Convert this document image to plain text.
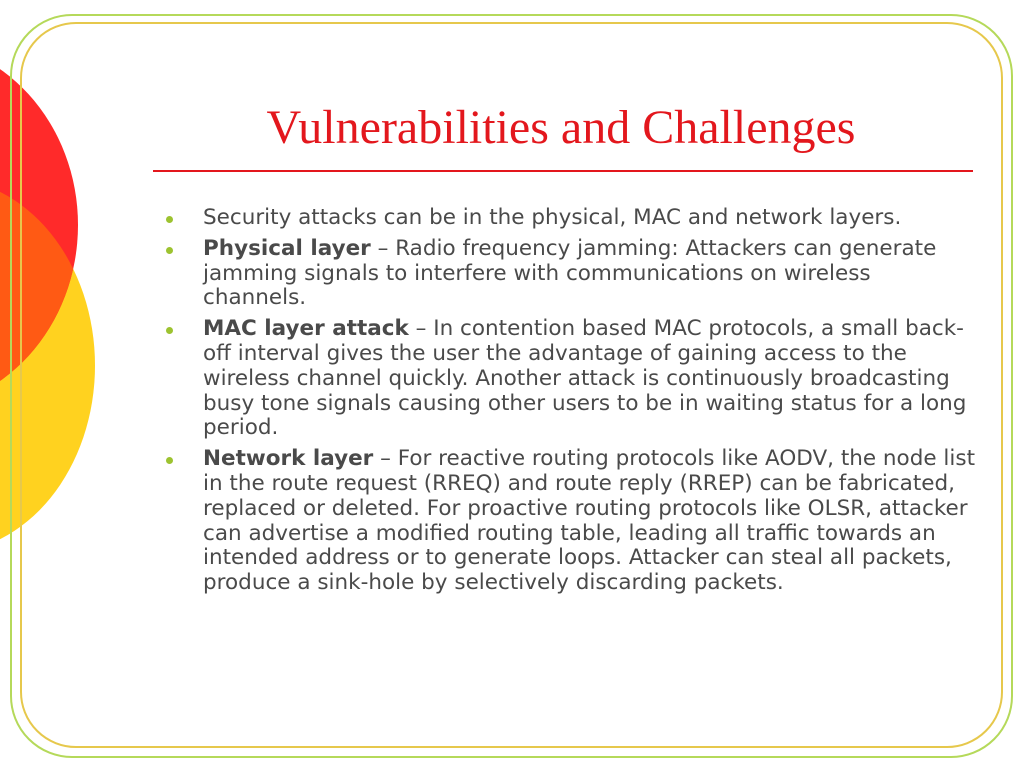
Vulnerabilities and Challenges
Security attacks can be in the physical, MAC and network layers.
Physical layer – Radio frequency jamming: Attackers can generate jamming signals to interfere with communications on wireless channels.
MAC layer attack – In contention based MAC protocols, a small back-off interval gives the user the advantage of gaining access to the wireless channel quickly. Another attack is continuously broadcasting busy tone signals causing other users to be in waiting status for a long period.
Network layer – For reactive routing protocols like AODV, the node list in the route request (RREQ) and route reply (RREP) can be fabricated, replaced or deleted. For proactive routing protocols like OLSR, attacker can advertise a modified routing table, leading all traffic towards an intended address or to generate loops. Attacker can steal all packets, produce a sink-hole by selectively discarding packets.
